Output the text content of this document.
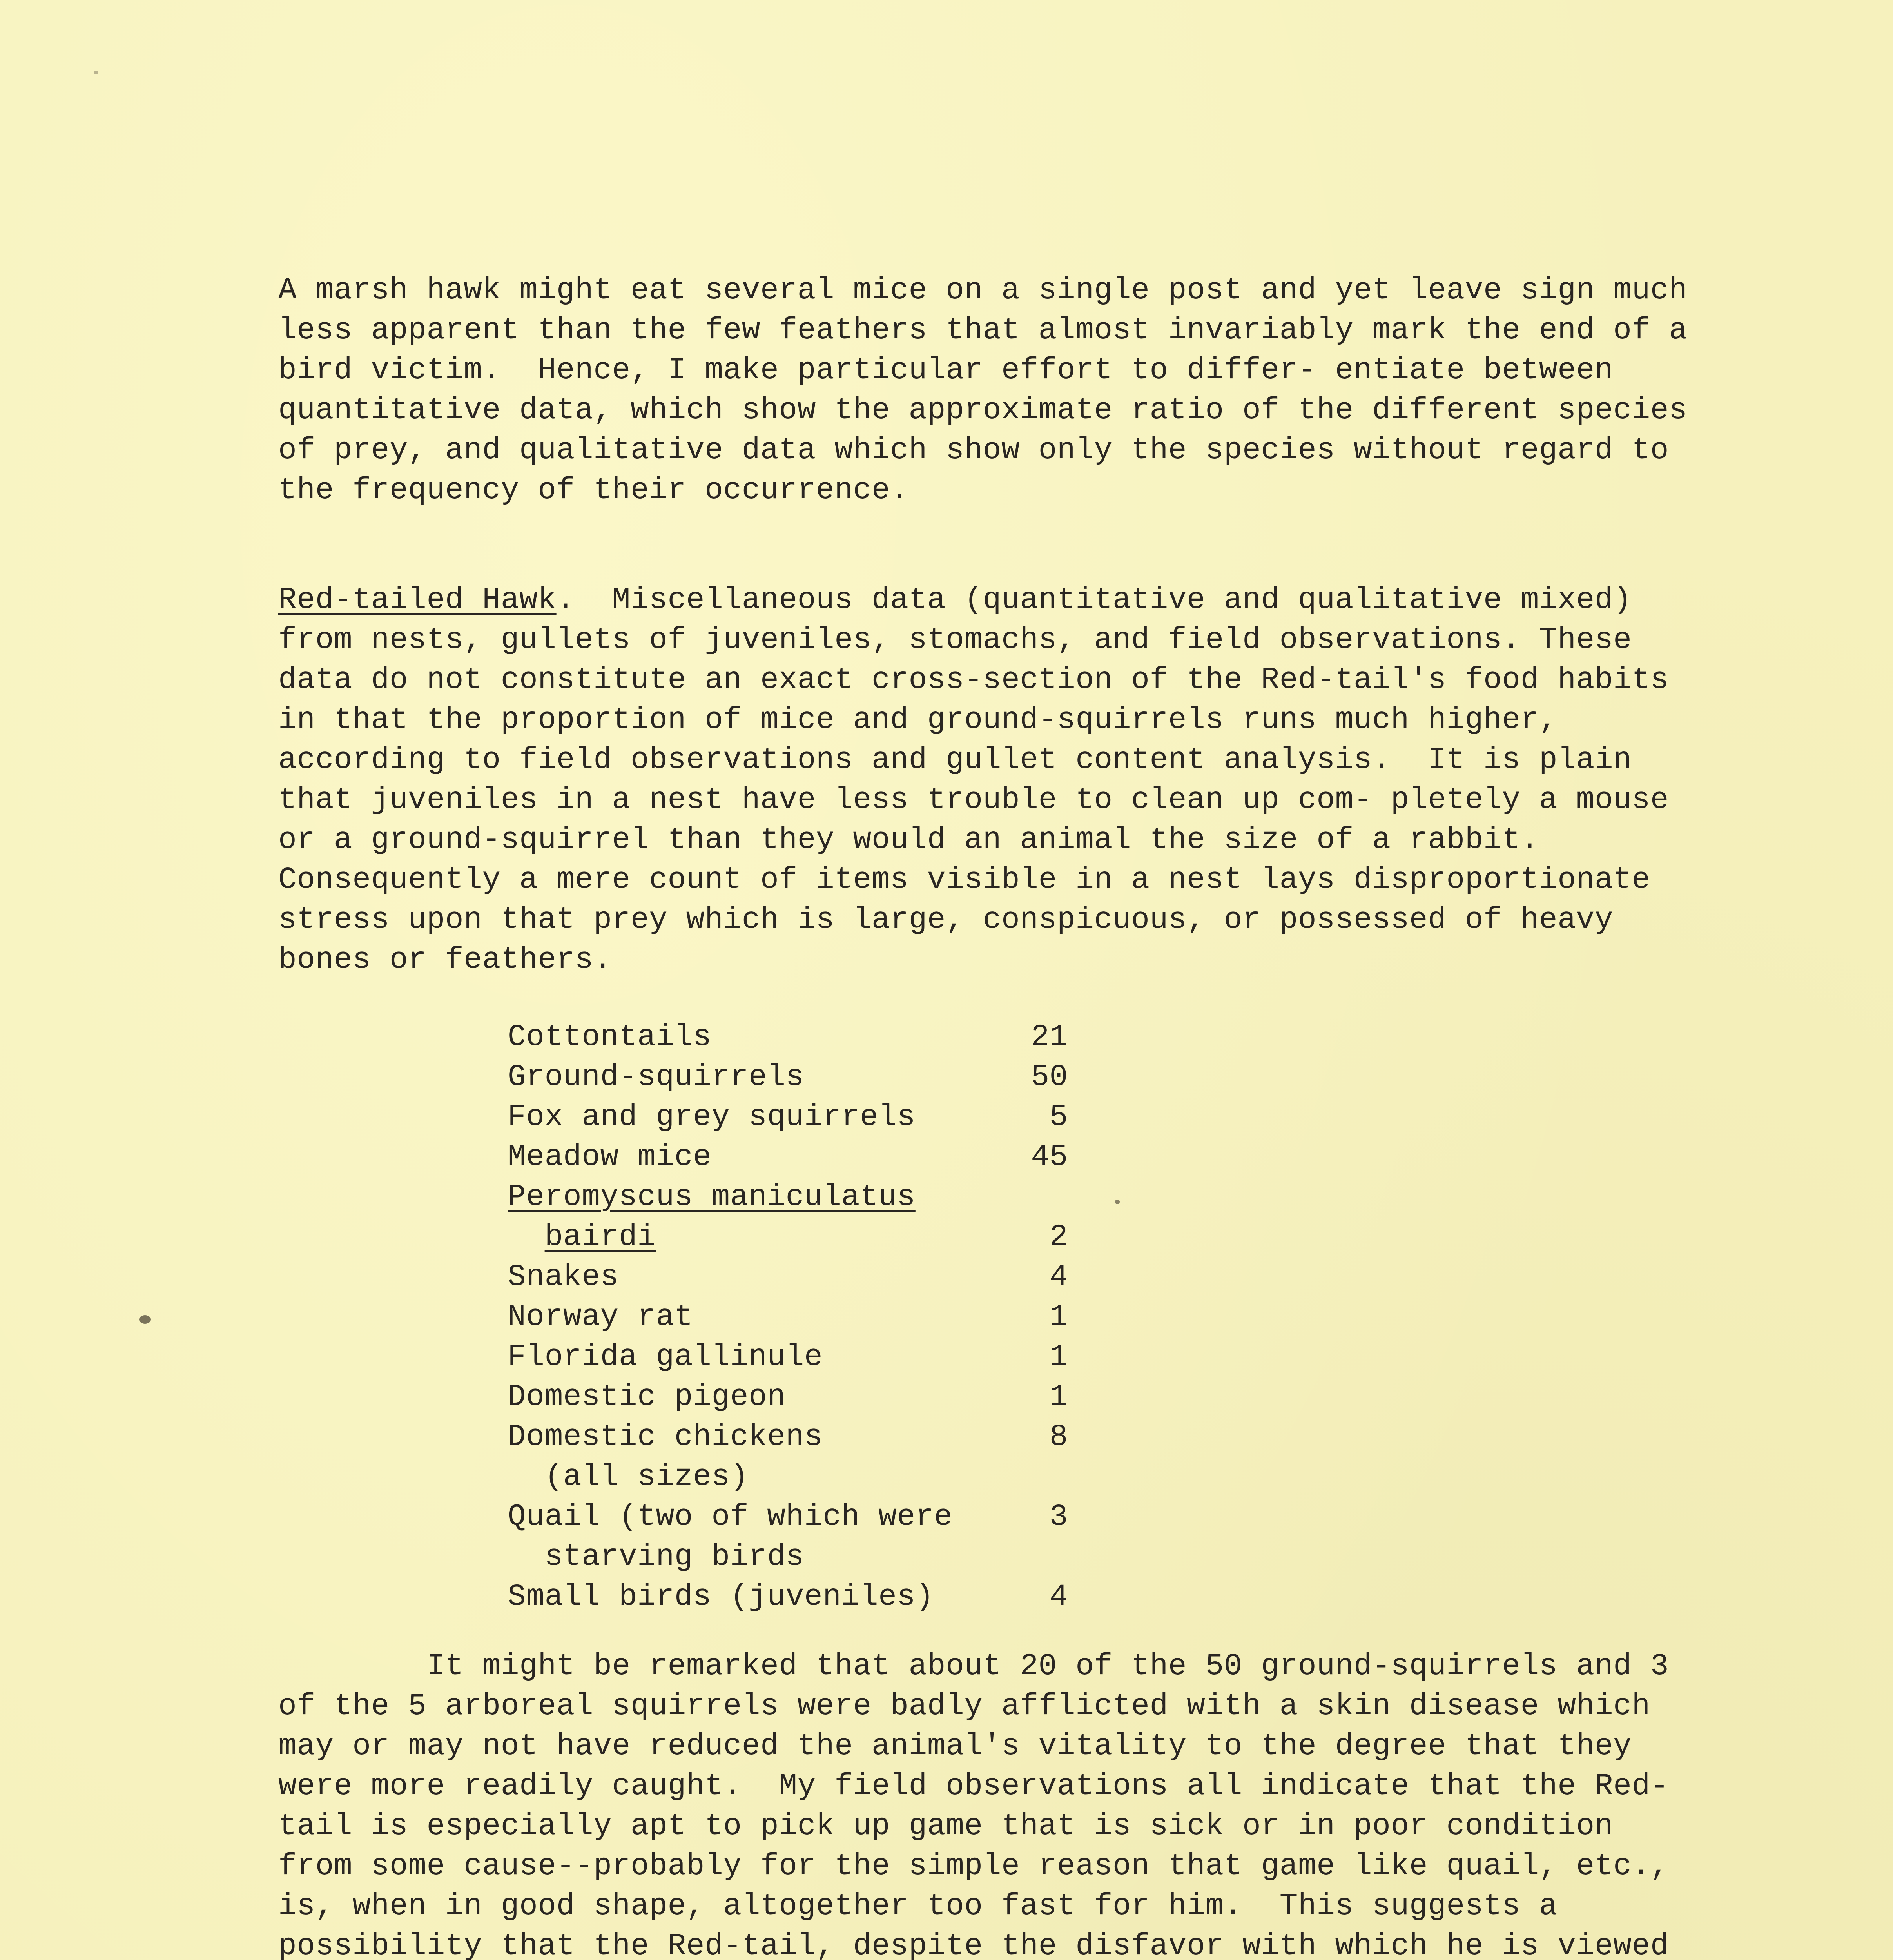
A marsh hawk might eat several mice on a single post and yet leave sign much less apparent than the few feathers that almost invariably mark the end of a bird victim.  Hence, I make particular effort to differ- entiate between quantitative data, which show the approximate ratio of the different species of prey, and qualitative data which show only the species without regard to the frequency of their occurrence.

Red-tailed Hawk.  Miscellaneous data (quantitative and qualitative mixed) from nests, gullets of juveniles, stomachs, and field observations. These data do not constitute an exact cross-section of the Red-tail's food habits in that the proportion of mice and ground-squirrels runs much higher, according to field observations and gullet content analysis.  It is plain that juveniles in a nest have less trouble to clean up com- pletely a mouse or a ground-squirrel than they would an animal the size of a rabbit.  Consequently a mere count of items visible in a nest lays disproportionate stress upon that prey which is large, conspicuous, or possessed of heavy bones or feathers.

Cottontails	21
Ground-squirrels	50
Fox and grey squirrels	5
Meadow mice	45
Peromyscus maniculatus
bairdi	2
Snakes	4
Norway rat	1
Florida gallinule	1
Domestic pigeon	1
Domestic chickens	8
(all sizes)
Quail (two of which were	3
starving birds
Small birds (juveniles)	4

It might be remarked that about 20 of the 50 ground-squirrels and 3 of the 5 arboreal squirrels were badly afflicted with a skin disease which may or may not have reduced the animal's vitality to the degree that they were more readily caught.  My field observations all indicate that the Red-tail is especially apt to pick up game that is sick or in poor condition from some cause--probably for the simple reason that game like quail, etc., is, when in good shape, altogether too fast for him.  This suggests a possibility that the Red-tail, despite the disfavor with which he is viewed
